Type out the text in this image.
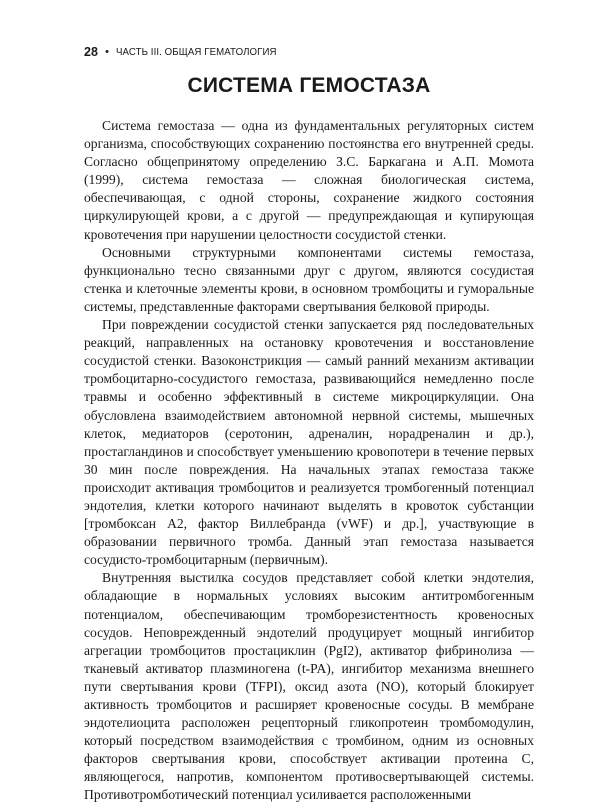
28 • ЧАСТЬ III. ОБЩАЯ ГЕМАТОЛОГИЯ
СИСТЕМА ГЕМОСТАЗА

Система гемостаза — одна из фундаментальных регуляторных систем организма, способствующих сохранению постоянства его внутренней среды. Согласно общепринятому определению З.С. Баркагана и А.П. Момота (1999), система гемостаза — сложная биологическая система, обеспечивающая, с одной стороны, сохранение жидкого состояния циркулирующей крови, а с другой — предупреждающая и купирующая кровотечения при нарушении целостности сосудистой стенки.

Основными структурными компонентами системы гемостаза, функционально тесно связанными друг с другом, являются сосудистая стенка и клеточные элементы крови, в основном тромбоциты и гуморальные системы, представленные факторами свертывания белковой природы.

При повреждении сосудистой стенки запускается ряд последовательных реакций, направленных на остановку кровотечения и восстановление сосудистой стенки. Вазоконстрикция — самый ранний механизм активации тромбоцитарно-сосудистого гемостаза, развивающийся немедленно после травмы и особенно эффективный в системе микроциркуляции. Она обусловлена взаимодействием автономной нервной системы, мышечных клеток, медиаторов (серотонин, адреналин, норадреналин и др.), простагландинов и способствует уменьшению кровопотери в течение первых 30 мин после повреждения. На начальных этапах гемостаза также происходит активация тромбоцитов и реализуется тромбогенный потенциал эндотелия, клетки которого начинают выделять в кровоток субстанции [тромбоксан А2, фактор Виллебранда (vWF) и др.], участвующие в образовании первичного тромба. Данный этап гемостаза называется сосудисто-тромбоцитарным (первичным).

Внутренняя выстилка сосудов представляет собой клетки эндотелия, обладающие в нормальных условиях высоким антитромбогенным потенциалом, обеспечивающим тромборезистентность кровеносных сосудов. Неповрежденный эндотелий продуцирует мощный ингибитор агрегации тромбоцитов простациклин (PgI2), активатор фибринолиза — тканевый активатор плазминогена (t-PA), ингибитор механизма внешнего пути свертывания крови (TFPI), оксид азота (NO), который блокирует активность тромбоцитов и расширяет кровеносные сосуды. В мембране эндотелиоцита расположен рецепторный гликопротеин тромбомодулин, который посредством взаимодействия с тромбином, одним из основных факторов свертывания крови, способствует активации протеина C, являющегося, напротив, компонентом противосвертывающей системы. Противотромботический потенциал усиливается расположенными
